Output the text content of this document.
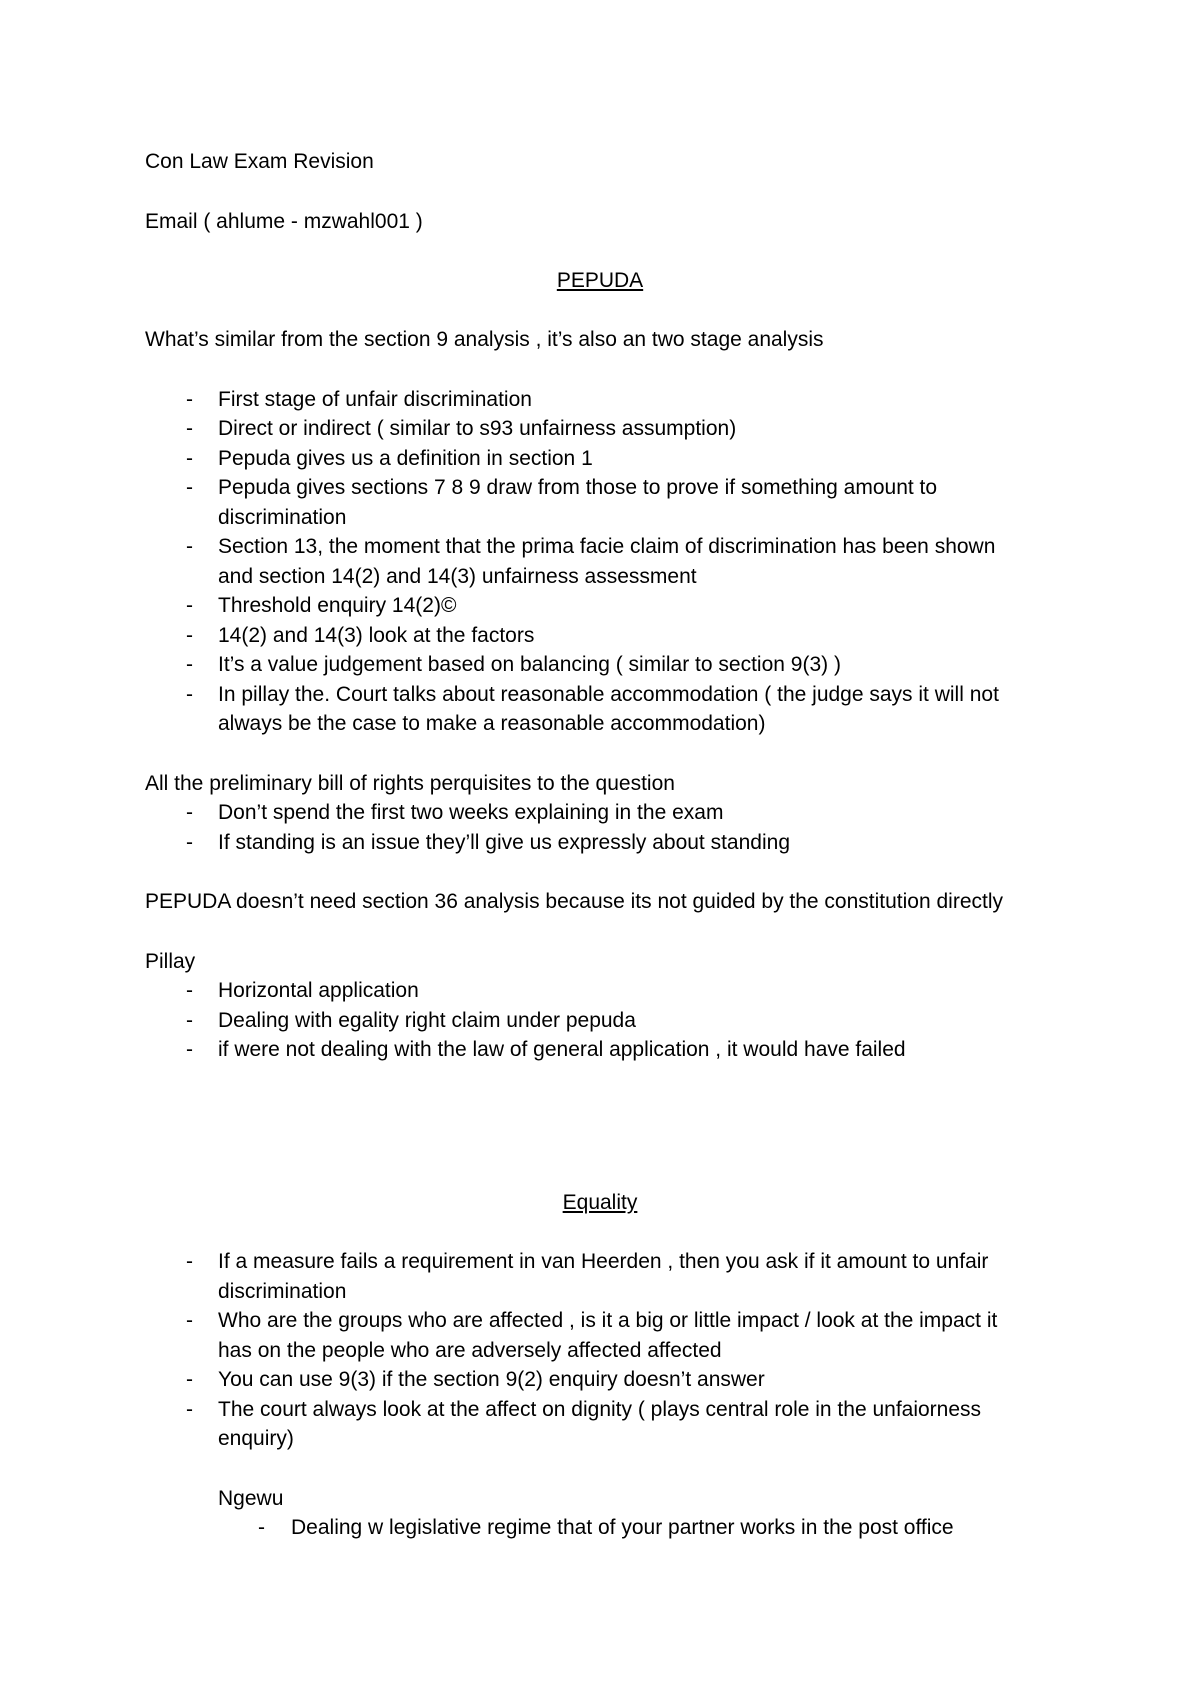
Con Law Exam Revision
Email ( ahlume - mzwahl001 )
PEPUDA
What’s similar from the section 9 analysis , it’s also an two stage analysis
- First stage of unfair discrimination
- Direct or indirect ( similar to s93 unfairness assumption)
- Pepuda gives us a definition in section 1
- Pepuda gives sections 7 8 9 draw from those to prove if something amount to
discrimination
- Section 13, the moment that the prima facie claim of discrimination has been shown
and section 14(2) and 14(3) unfairness assessment
- Threshold enquiry 14(2)©
- 14(2) and 14(3) look at the factors
- It’s a value judgement based on balancing ( similar to section 9(3) )
- In pillay the. Court talks about reasonable accommodation ( the judge says it will not
always be the case to make a reasonable accommodation)
All the preliminary bill of rights perquisites to the question
- Don’t spend the first two weeks explaining in the exam
- If standing is an issue they’ll give us expressly about standing
PEPUDA doesn’t need section 36 analysis because its not guided by the constitution directly
Pillay
- Horizontal application
- Dealing with egality right claim under pepuda
- if were not dealing with the law of general application , it would have failed
Equality
- If a measure fails a requirement in van Heerden , then you ask if it amount to unfair
discrimination
- Who are the groups who are affected , is it a big or little impact / look at the impact it
has on the people who are adversely affected affected
- You can use 9(3) if the section 9(2) enquiry doesn’t answer
- The court always look at the affect on dignity ( plays central role in the unfaiorness
enquiry)
Ngewu
- Dealing w legislative regime that of your partner works in the post office
